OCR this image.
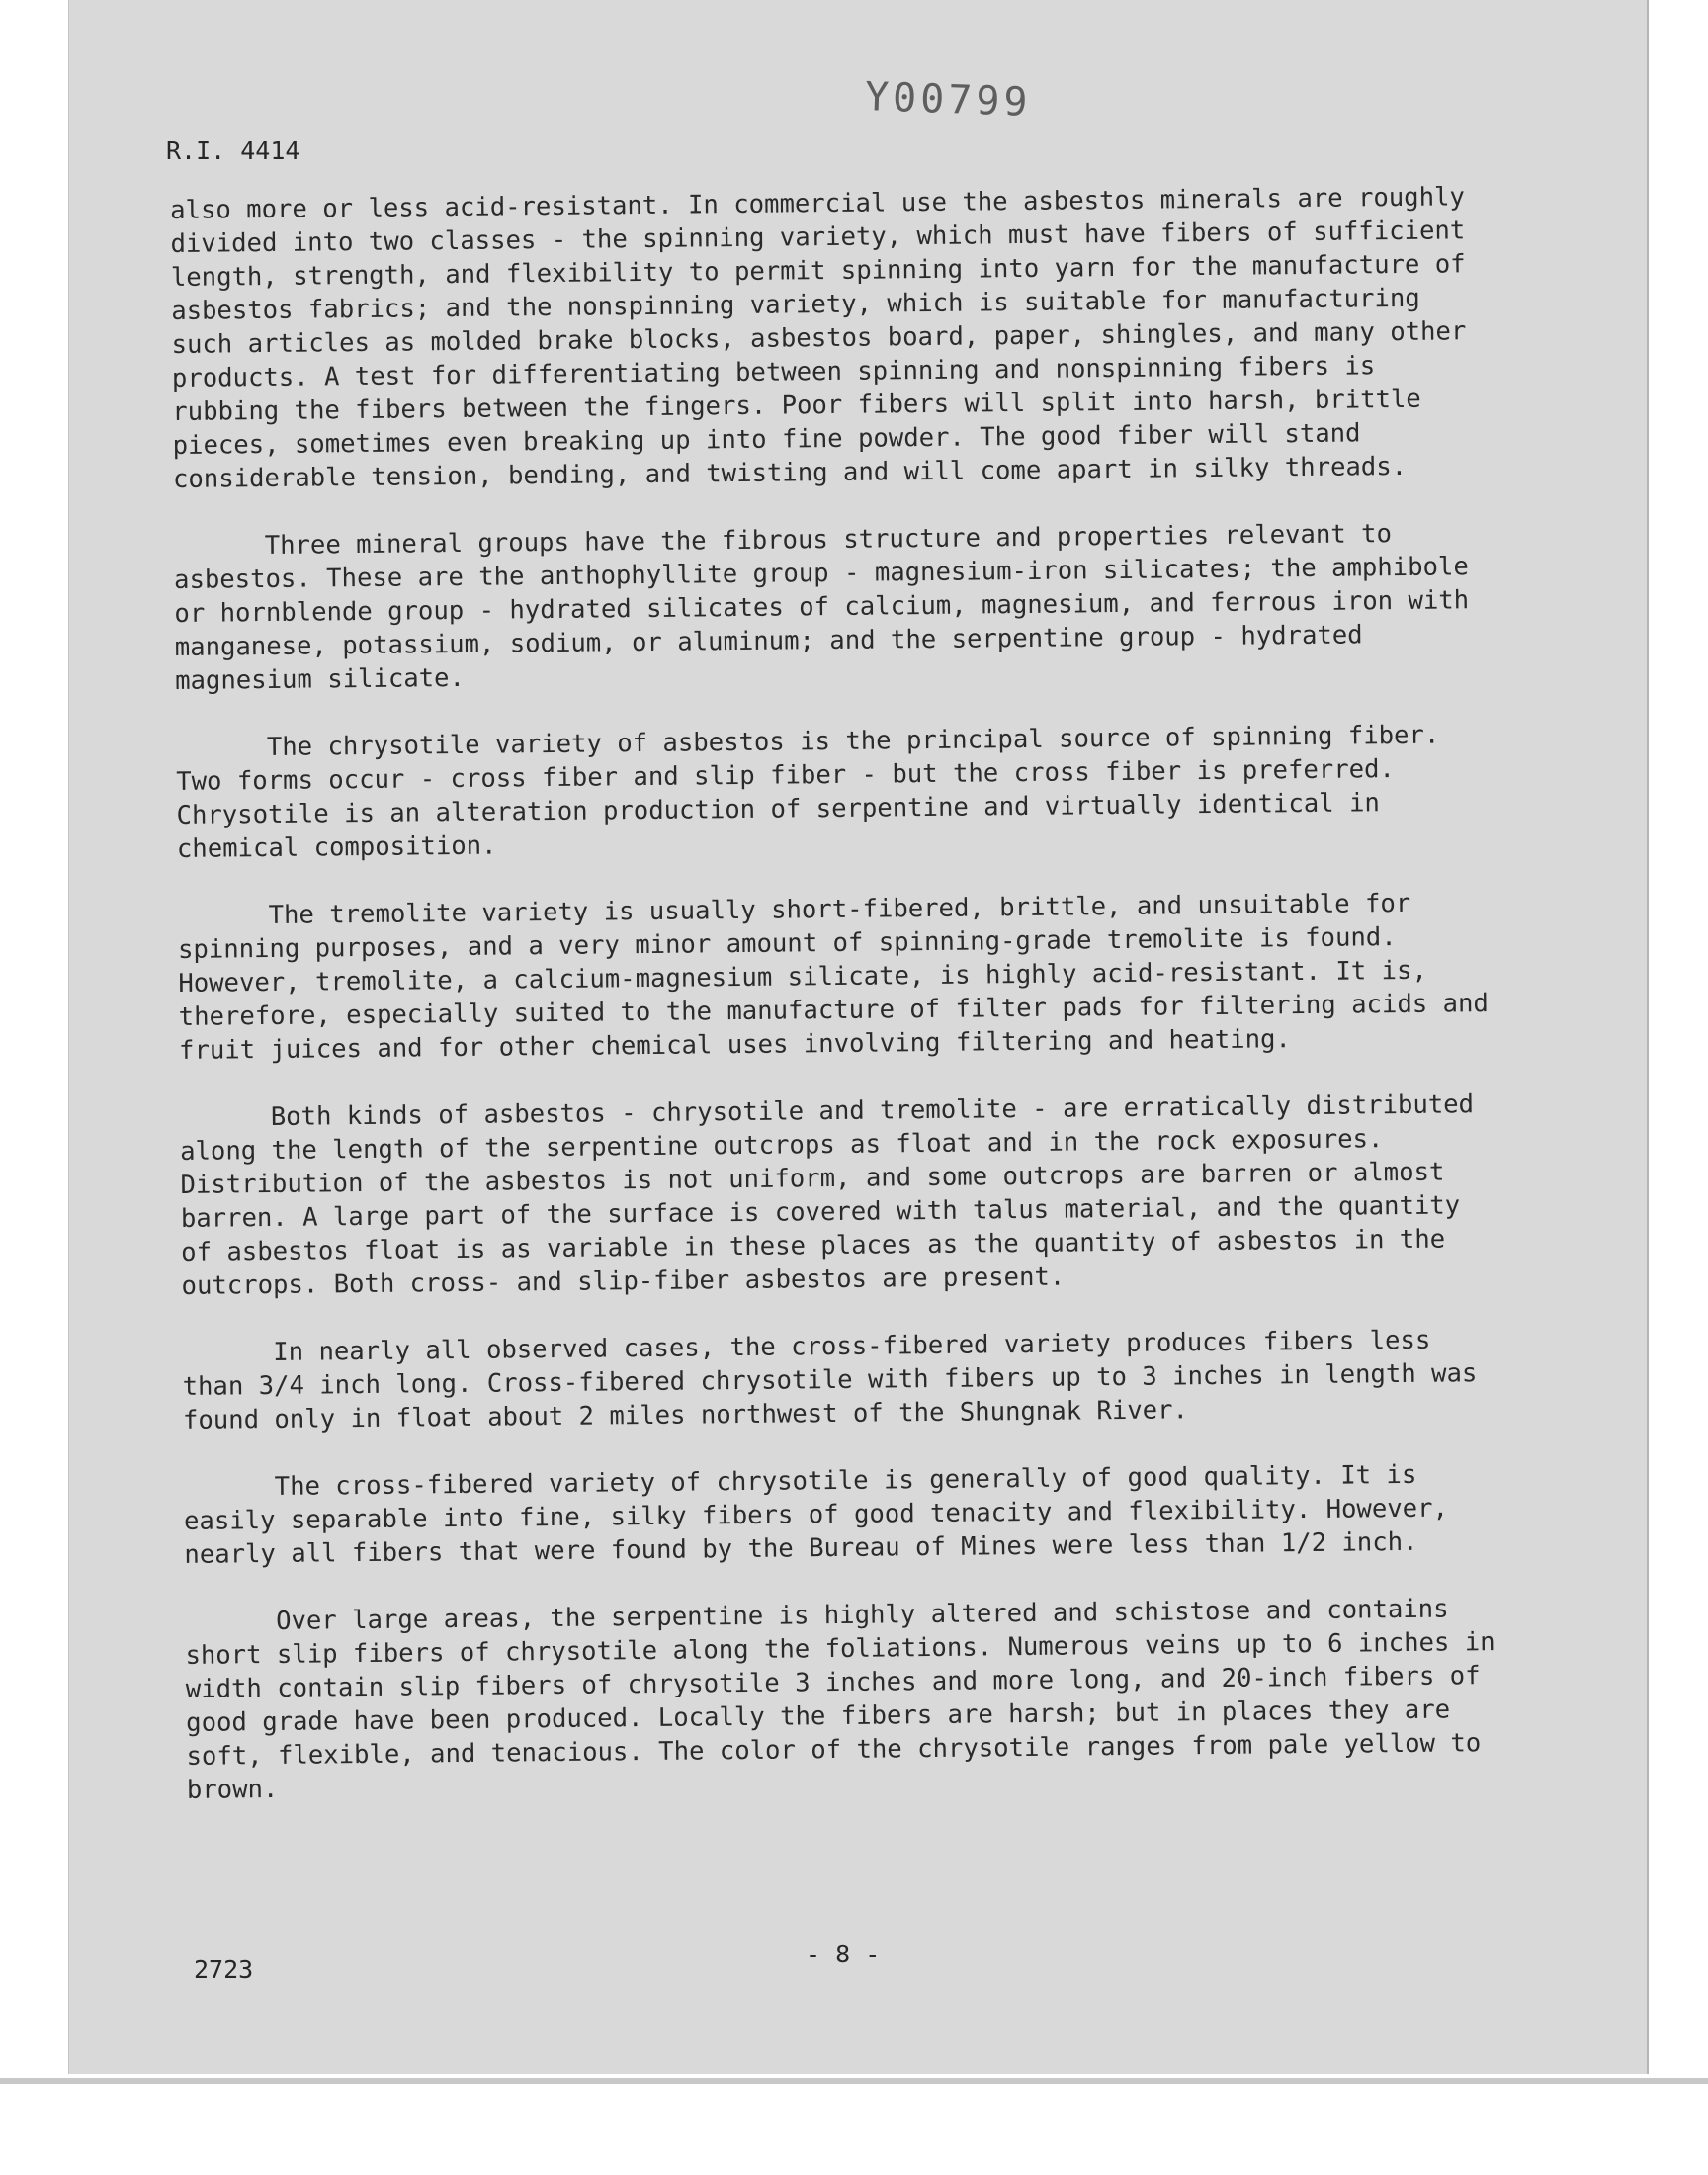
Y00799
R.I. 4414

also more or less acid-resistant. In commercial use the asbestos minerals are roughly divided into two classes - the spinning variety, which must have fibers of sufficient length, strength, and flexibility to permit spinning into yarn for the manufacture of asbestos fabrics; and the nonspinning variety, which is suitable for manufacturing such articles as molded brake blocks, asbestos board, paper, shingles, and many other products. A test for differentiating between spinning and nonspinning fibers is rubbing the fibers between the fingers. Poor fibers will split into harsh, brittle pieces, sometimes even breaking up into fine powder. The good fiber will stand considerable tension, bending, and twisting and will come apart in silky threads.

Three mineral groups have the fibrous structure and properties relevant to asbestos. These are the anthophyllite group - magnesium-iron silicates; the amphibole or hornblende group - hydrated silicates of calcium, magnesium, and ferrous iron with manganese, potassium, sodium, or aluminum; and the serpentine group - hydrated magnesium silicate.

The chrysotile variety of asbestos is the principal source of spinning fiber. Two forms occur - cross fiber and slip fiber - but the cross fiber is preferred. Chrysotile is an alteration production of serpentine and virtually identical in chemical composition.

The tremolite variety is usually short-fibered, brittle, and unsuitable for spinning purposes, and a very minor amount of spinning-grade tremolite is found. However, tremolite, a calcium-magnesium silicate, is highly acid-resistant. It is, therefore, especially suited to the manufacture of filter pads for filtering acids and fruit juices and for other chemical uses involving filtering and heating.

Both kinds of asbestos - chrysotile and tremolite - are erratically distributed along the length of the serpentine outcrops as float and in the rock exposures. Distribution of the asbestos is not uniform, and some outcrops are barren or almost barren. A large part of the surface is covered with talus material, and the quantity of asbestos float is as variable in these places as the quantity of asbestos in the outcrops. Both cross- and slip-fiber asbestos are present.

In nearly all observed cases, the cross-fibered variety produces fibers less than 3/4 inch long. Cross-fibered chrysotile with fibers up to 3 inches in length was found only in float about 2 miles northwest of the Shungnak River.

The cross-fibered variety of chrysotile is generally of good quality. It is easily separable into fine, silky fibers of good tenacity and flexibility. However, nearly all fibers that were found by the Bureau of Mines were less than 1/2 inch.

Over large areas, the serpentine is highly altered and schistose and contains short slip fibers of chrysotile along the foliations. Numerous veins up to 6 inches in width contain slip fibers of chrysotile 3 inches and more long, and 20-inch fibers of good grade have been produced. Locally the fibers are harsh; but in places they are soft, flexible, and tenacious. The color of the chrysotile ranges from pale yellow to brown.

2723
- 8 -
